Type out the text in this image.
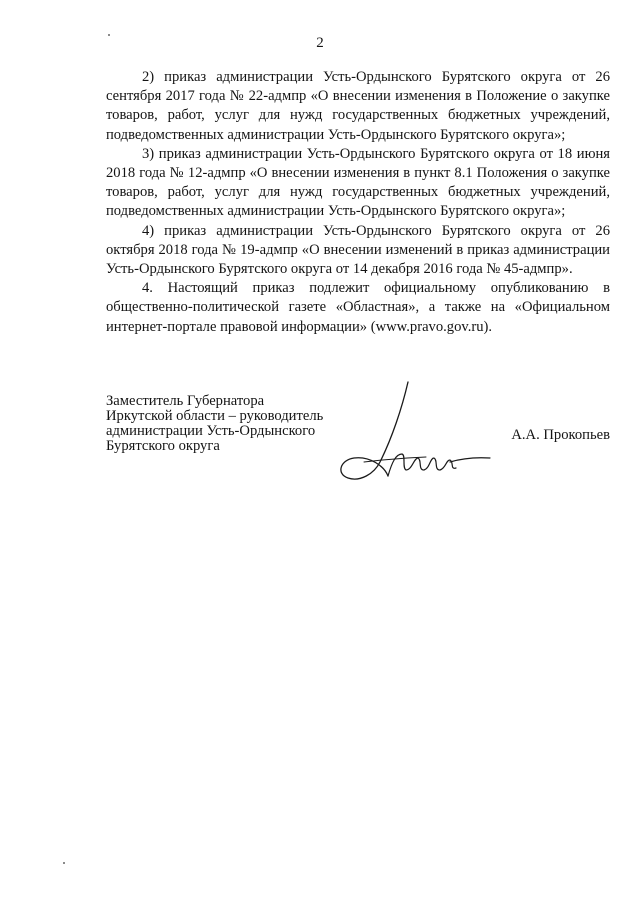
2

2) приказ администрации Усть-Ордынского Бурятского округа от 26 сентября 2017 года № 22-адмпр «О внесении изменения в Положение о закупке товаров, работ, услуг для нужд государственных бюджетных учреждений, подведомственных администрации Усть-Ордынского Бурятского округа»;

3) приказ администрации Усть-Ордынского Бурятского округа от 18 июня 2018 года № 12-адмпр «О внесении изменения в пункт 8.1 Положения о закупке товаров, работ, услуг для нужд государственных бюджетных учреждений, подведомственных администрации Усть-Ордынского Бурятского округа»;

4) приказ администрации Усть-Ордынского Бурятского округа от 26 октября 2018 года № 19-адмпр «О внесении изменений в приказ администрации Усть-Ордынского Бурятского округа от 14 декабря 2016 года № 45-адмпр».

4. Настоящий приказ подлежит официальному опубликованию в общественно-политической газете «Областная», а также на «Официальном интернет-портале правовой информации» (www.pravo.gov.ru).

Заместитель Губернатора
Иркутской области – руководитель
администрации Усть-Ордынского
Бурятского округа
А.А. Прокопьев
